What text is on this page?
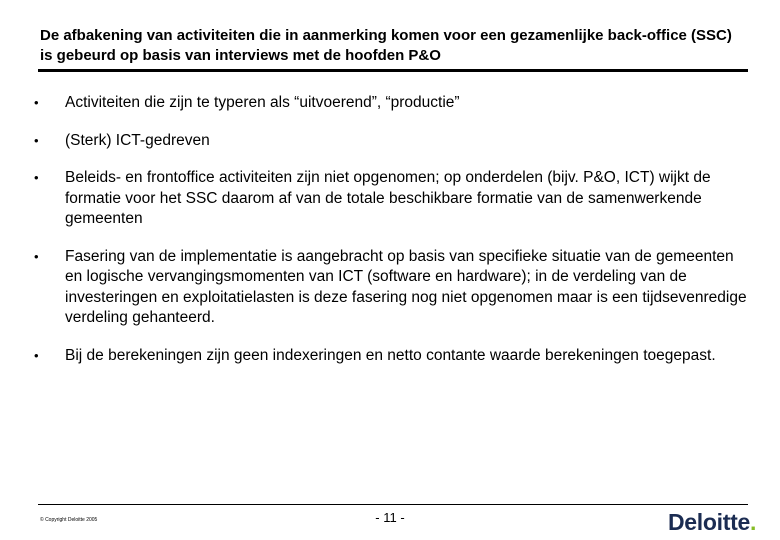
De afbakening van activiteiten die in aanmerking komen voor een gezamenlijke back-office (SSC) is gebeurd op basis van interviews met de hoofden P&O
• Activiteiten die zijn te typeren als “uitvoerend”, “productie”
• (Sterk) ICT-gedreven
• Beleids- en frontoffice activiteiten zijn niet opgenomen; op onderdelen (bijv. P&O, ICT) wijkt de formatie voor het SSC daarom af van de totale beschikbare formatie van de samenwerkende gemeenten
• Fasering van de implementatie is aangebracht op basis van specifieke situatie van de gemeenten en logische vervangingsmomenten van ICT (software en hardware); in de verdeling van de investeringen en exploitatielasten is deze fasering nog niet opgenomen maar is een tijdsevenredige verdeling gehanteerd.
• Bij de berekeningen zijn geen indexeringen en netto contante waarde berekeningen toegepast.
© Copyright Deloitte 2005	- 11 -	Deloitte.
